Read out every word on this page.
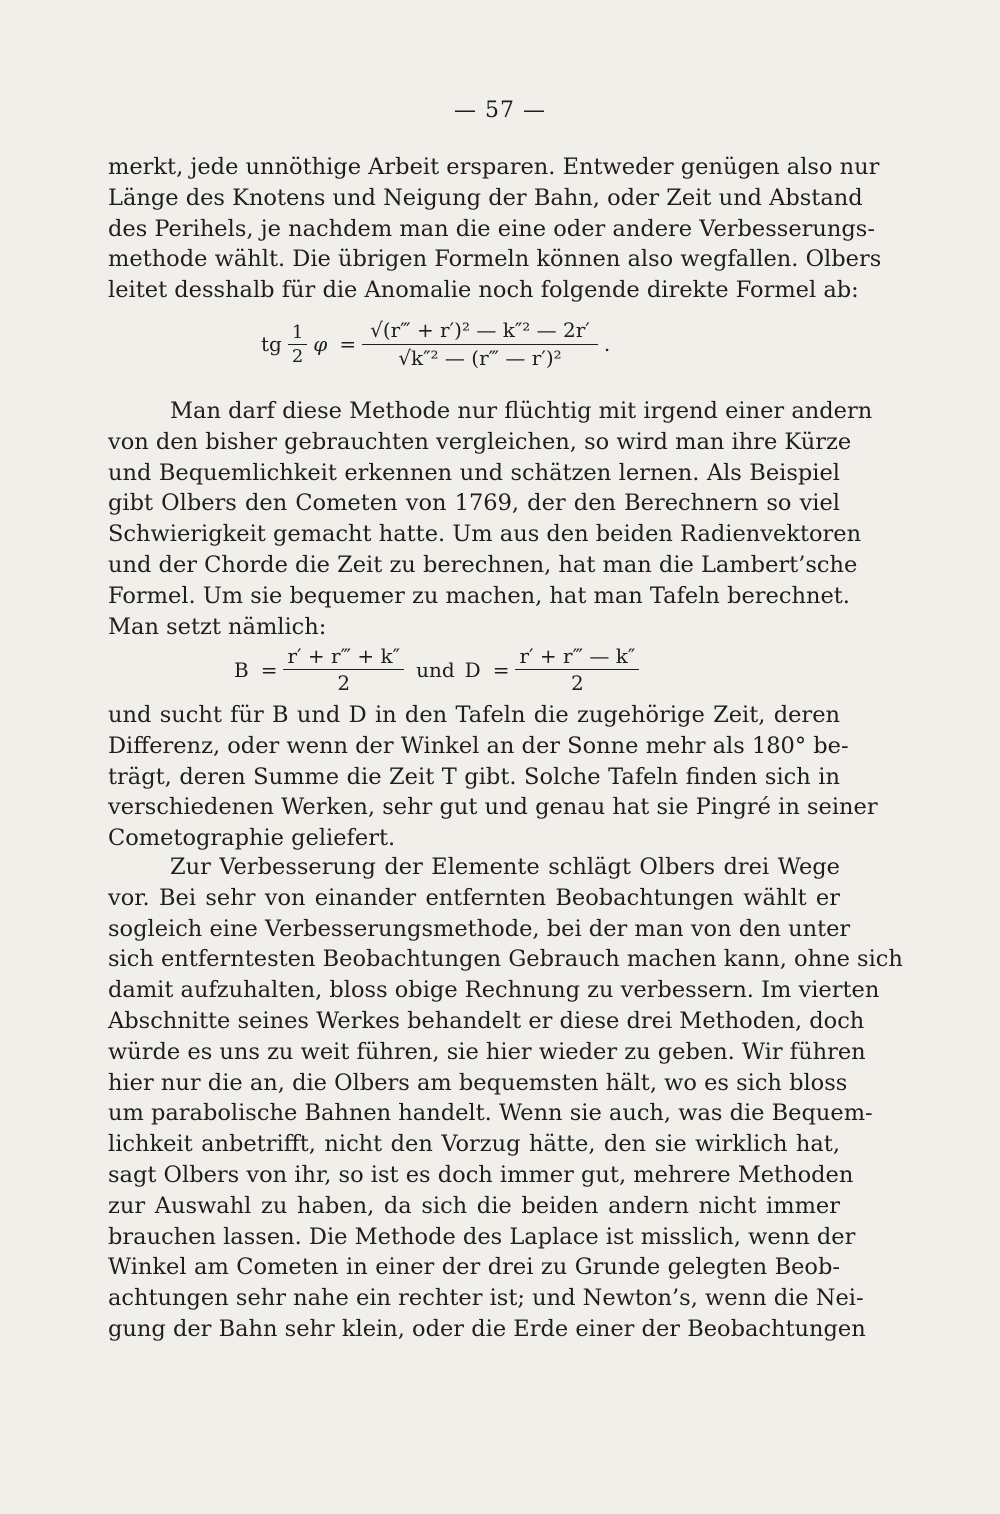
— 57 —
merkt, jede unnöthige Arbeit ersparen. Entweder genügen also nur
Länge des Knotens und Neigung der Bahn, oder Zeit und Abstand
des Perihels, je nachdem man die eine oder andere Verbesserungs-
methode wählt. Die übrigen Formeln können also wegfallen. Olbers
leitet desshalb für die Anomalie noch folgende direkte Formel ab:
tg $\frac{1}{2}$ $\varphi = \frac{\text{√(r‴ + r′)² — k″² — 2r′}}{\text{√k″² — (r‴ — r′)²}}$ .
Man darf diese Methode nur flüchtig mit irgend einer andern
von den bisher gebrauchten vergleichen, so wird man ihre Kürze
und Bequemlichkeit erkennen und schätzen lernen. Als Beispiel
gibt Olbers den Cometen von 1769, der den Berechnern so viel
Schwierigkeit gemacht hatte. Um aus den beiden Radienvektoren
und der Chorde die Zeit zu berechnen, hat man die Lambert’sche
Formel. Um sie bequemer zu machen, hat man Tafeln berechnet.
Man setzt nämlich:
$B = \frac{r' + r‴ + k''}{2}$ und $D = \frac{r' + r‴ — k''}{2}$
und sucht für B und D in den Tafeln die zugehörige Zeit, deren
Differenz, oder wenn der Winkel an der Sonne mehr als 180° be-
trägt, deren Summe die Zeit T gibt. Solche Tafeln finden sich in
verschiedenen Werken, sehr gut und genau hat sie Pingré in seiner
Cometographie geliefert.
Zur Verbesserung der Elemente schlägt Olbers drei Wege
vor. Bei sehr von einander entfernten Beobachtungen wählt er
sogleich eine Verbesserungsmethode, bei der man von den unter
sich entferntesten Beobachtungen Gebrauch machen kann, ohne sich
damit aufzuhalten, bloss obige Rechnung zu verbessern. Im vierten
Abschnitte seines Werkes behandelt er diese drei Methoden, doch
würde es uns zu weit führen, sie hier wieder zu geben. Wir führen
hier nur die an, die Olbers am bequemsten hält, wo es sich bloss
um parabolische Bahnen handelt. Wenn sie auch, was die Bequem-
lichkeit anbetrifft, nicht den Vorzug hätte, den sie wirklich hat,
sagt Olbers von ihr, so ist es doch immer gut, mehrere Methoden
zur Auswahl zu haben, da sich die beiden andern nicht immer
brauchen lassen. Die Methode des Laplace ist misslich, wenn der
Winkel am Cometen in einer der drei zu Grunde gelegten Beob-
achtungen sehr nahe ein rechter ist; und Newton’s, wenn die Nei-
gung der Bahn sehr klein, oder die Erde einer der Beobachtungen
